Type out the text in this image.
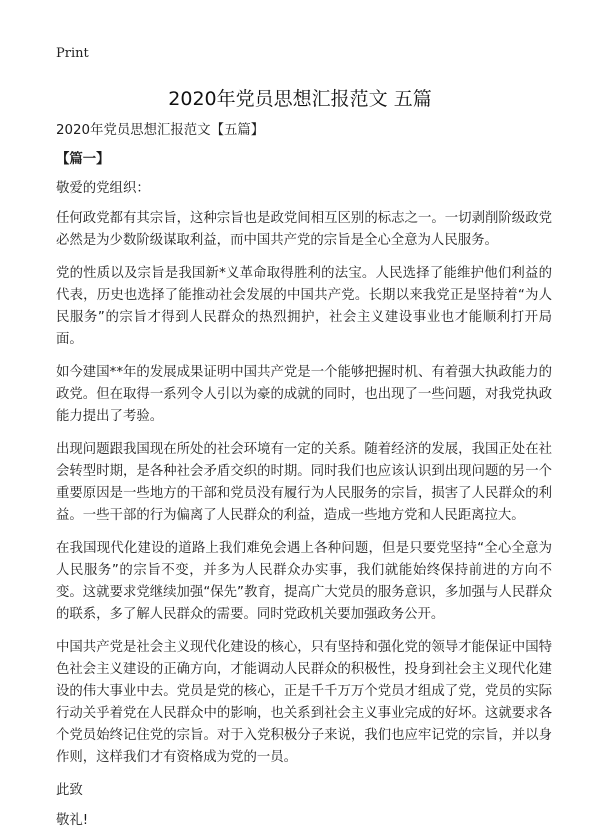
Print
2020年党员思想汇报范文 五篇

2020年党员思想汇报范文【五篇】

【篇一】

敬爱的党组织：

任何政党都有其宗旨，这种宗旨也是政党间相互区别的标志之一。一切剥削阶级政党必然是为少数阶级谋取利益，而中国共产党的宗旨是全心全意为人民服务。

党的性质以及宗旨是我国新*义革命取得胜利的法宝。人民选择了能维护他们利益的代表，历史也选择了能推动社会发展的中国共产党。长期以来我党正是坚持着“为人民服务”的宗旨才得到人民群众的热烈拥护，社会主义建设事业也才能顺利打开局面。

如今建国**年的发展成果证明中国共产党是一个能够把握时机、有着强大执政能力的政党。但在取得一系列令人引以为豪的成就的同时，也出现了一些问题，对我党执政能力提出了考验。

出现问题跟我国现在所处的社会环境有一定的关系。随着经济的发展，我国正处在社会转型时期，是各种社会矛盾交织的时期。同时我们也应该认识到出现问题的另一个重要原因是一些地方的干部和党员没有履行为人民服务的宗旨，损害了人民群众的利益。一些干部的行为偏离了人民群众的利益，造成一些地方党和人民距离拉大。

在我国现代化建设的道路上我们难免会遇上各种问题，但是只要党坚持“全心全意为人民服务”的宗旨不变，并多为人民群众办实事，我们就能始终保持前进的方向不变。这就要求党继续加强“保先”教育，提高广大党员的服务意识，多加强与人民群众的联系，多了解人民群众的需要。同时党政机关要加强政务公开。

中国共产党是社会主义现代化建设的核心，只有坚持和强化党的领导才能保证中国特色社会主义建设的正确方向，才能调动人民群众的积极性，投身到社会主义现代化建设的伟大事业中去。党员是党的核心，正是千千万万个党员才组成了党，党员的实际行动关乎着党在人民群众中的影响，也关系到社会主义事业完成的好坏。这就要求各个党员始终记住党的宗旨。对于入党积极分子来说，我们也应牢记党的宗旨，并以身作则，这样我们才有资格成为党的一员。

此致

敬礼!
